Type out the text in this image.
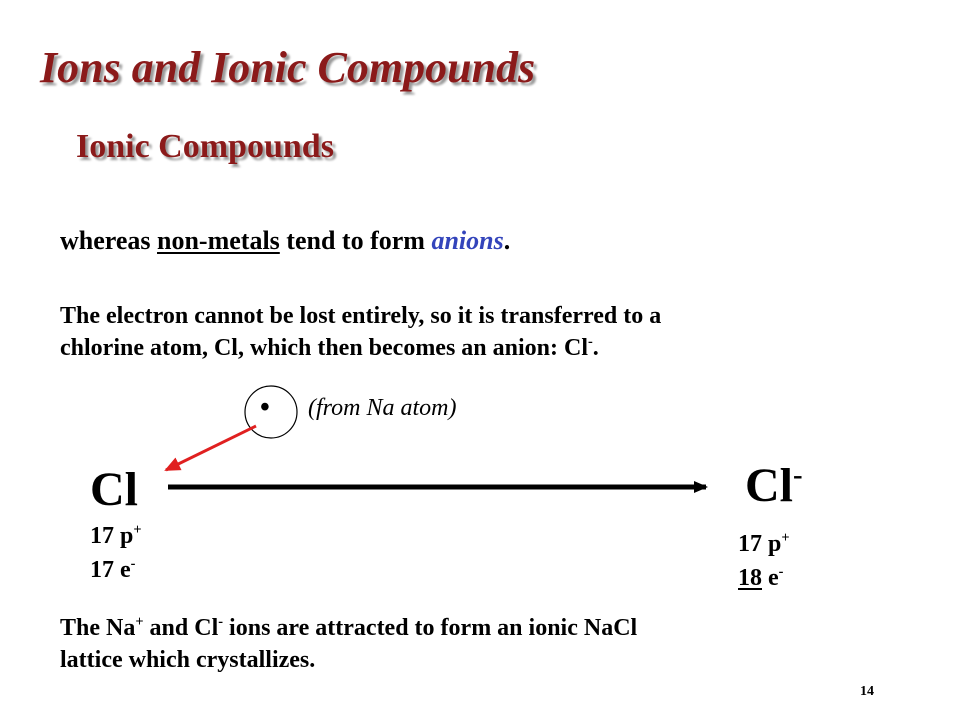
Ions and Ionic Compounds
Ionic Compounds
whereas non-metals tend to form anions.
The electron cannot be lost entirely, so it is transferred to a
chlorine atom, Cl, which then becomes an anion: Cl-.
• (from Na atom)
Cl
17 p+
17 e-
Cl-
17 p+
18 e-
The Na+ and Cl- ions are attracted to form an ionic NaCl
lattice which crystallizes.
14
